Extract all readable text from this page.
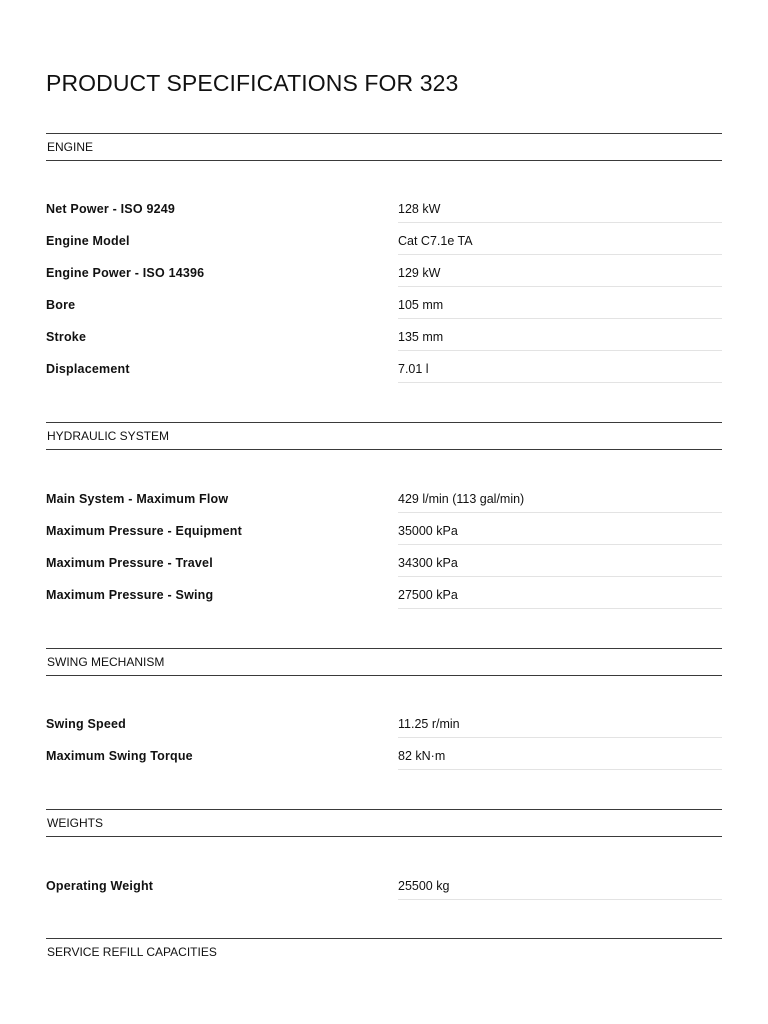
PRODUCT SPECIFICATIONS FOR 323
ENGINE
Net Power - ISO 9249	128 kW
Engine Model	Cat C7.1e TA
Engine Power - ISO 14396	129 kW
Bore	105 mm
Stroke	135 mm
Displacement	7.01 l
HYDRAULIC SYSTEM
Main System - Maximum Flow	429 l/min (113 gal/min)
Maximum Pressure - Equipment	35000 kPa
Maximum Pressure - Travel	34300 kPa
Maximum Pressure - Swing	27500 kPa
SWING MECHANISM
Swing Speed	11.25 r/min
Maximum Swing Torque	82 kN·m
WEIGHTS
Operating Weight	25500 kg
SERVICE REFILL CAPACITIES
